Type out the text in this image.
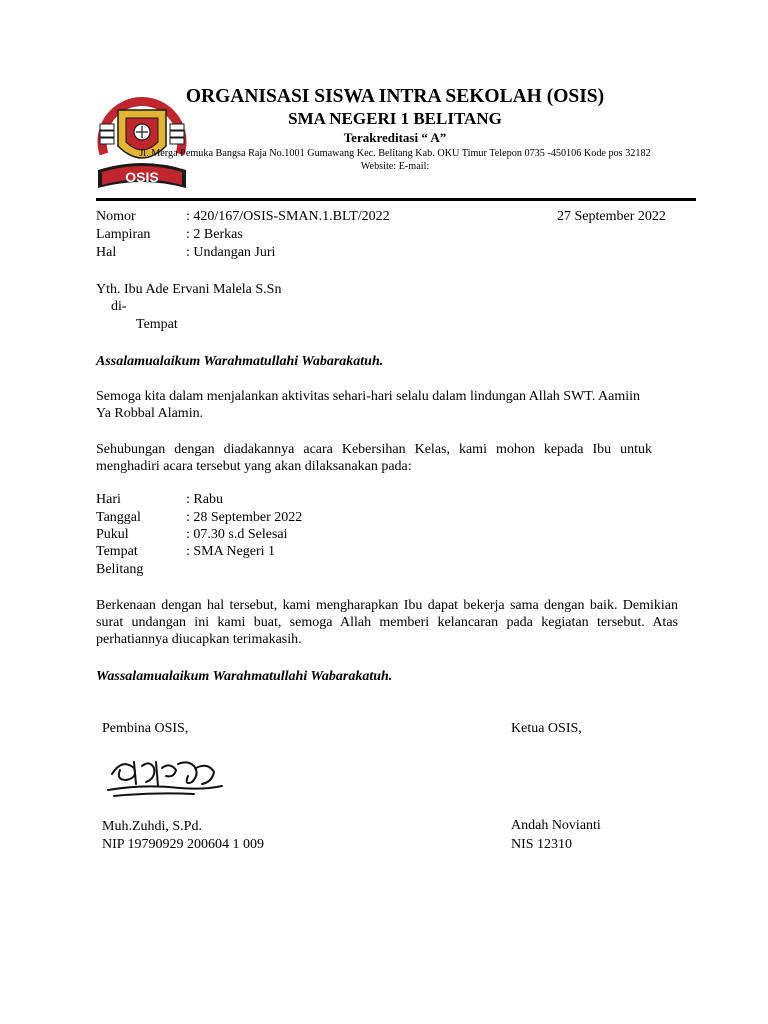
OSIS
ORGANISASI SISWA INTRA SEKOLAH (OSIS)
SMA NEGERI 1 BELITANG
Terakreditasi “ A”
Jl. Merga Pemuka Bangsa Raja No.1001 Gumawang Kec. Belitang Kab. OKU Timur Telepon 0735 -450106 Kode pos 32182
Website: E-mail:
Nomor	: 420/167/OSIS-SMAN.1.BLT/2022	27 September 2022
Lampiran	: 2 Berkas
Hal	: Undangan Juri
Yth. Ibu Ade Ervani Malela S.Sn
di-
Tempat
Assalamualaikum Warahmatullahi Wabarakatuh.
Semoga kita dalam menjalankan aktivitas sehari-hari selalu dalam lindungan Allah SWT. Aamiin Ya Robbal Alamin.
Sehubungan dengan diadakannya acara Kebersihan Kelas, kami mohon kepada Ibu untuk menghadiri acara tersebut yang akan dilaksanakan pada:
Hari	: Rabu
Tanggal	: 28 September 2022
Pukul	: 07.30 s.d Selesai
Tempat	: SMA Negeri 1
Belitang
Berkenaan dengan hal tersebut, kami mengharapkan Ibu dapat bekerja sama dengan baik. Demikian surat undangan ini kami buat, semoga Allah memberi kelancaran pada kegiatan tersebut. Atas perhatiannya diucapkan terimakasih.
Wassalamualaikum Warahmatullahi Wabarakatuh.
Pembina OSIS,	Ketua OSIS,
Muh.Zuhdi, S.Pd.
NIP 19790929 200604 1 009
Andah Novianti
NIS 12310
